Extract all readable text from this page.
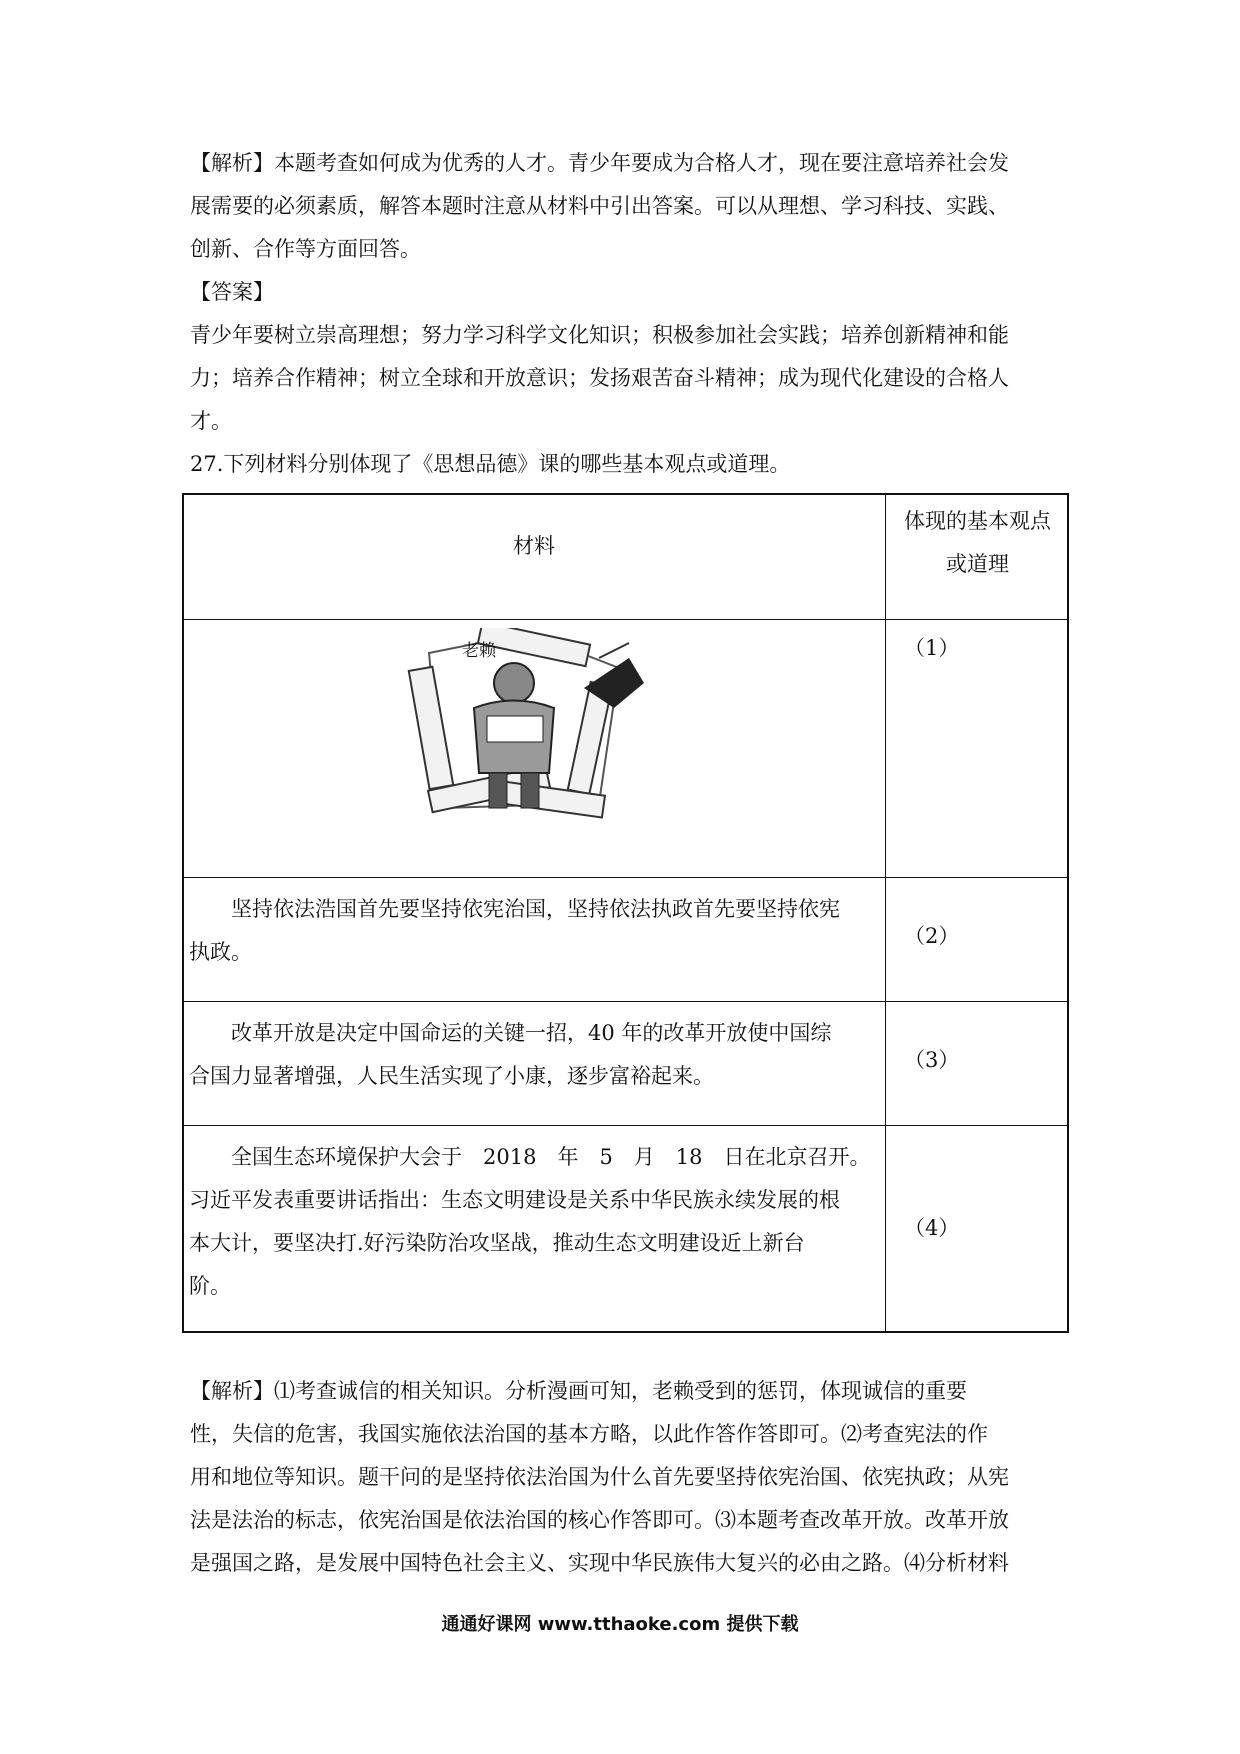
【解析】本题考查如何成为优秀的人才。青少年要成为合格人才，现在要注意培养社会发
展需要的必须素质，解答本题时注意从材料中引出答案。可以从理想、学习科技、实践、
创新、合作等方面回答。

【答案】

青少年要树立崇高理想；努力学习科学文化知识；积极参加社会实践；培养创新精神和能
力；培养合作精神；树立全球和开放意识；发扬艰苦奋斗精神；成为现代化建设的合格人
才。

27.下列材料分别体现了《思想品德》课的哪些基本观点或道理。

材料
体现的基本观点
或道理
老赖	（1）
　　坚持依法浩国首先要坚持依宪治国，坚持依法执政首先要坚持依宪
执政。
（2）
　　改革开放是决定中国命运的关键一招，40 年的改革开放使中国综
合国力显著增强，人民生活实现了小康，逐步富裕起来。
（3）
　　全国生态环境保护大会于　2018　年　5　月　18　日在北京召开。
习近平发表重要讲话指出：生态文明建设是关系中华民族永续发展的根
本大计，要坚决打.好污染防治攻坚战，推动生态文明建设近上新台
阶。
（4）

【解析】⑴考查诚信的相关知识。分析漫画可知，老赖受到的惩罚，体现诚信的重要
性，失信的危害，我国实施依法治国的基本方略，以此作答作答即可。⑵考查宪法的作
用和地位等知识。题干问的是坚持依法治国为什么首先要坚持依宪治国、依宪执政；从宪
法是法治的标志，依宪治国是依法治国的核心作答即可。⑶本题考查改革开放。改革开放
是强国之路，是发展中国特色社会主义、实现中华民族伟大复兴的必由之路。⑷分析材料

通通好课网 www.tthaoke.com 提供下载
